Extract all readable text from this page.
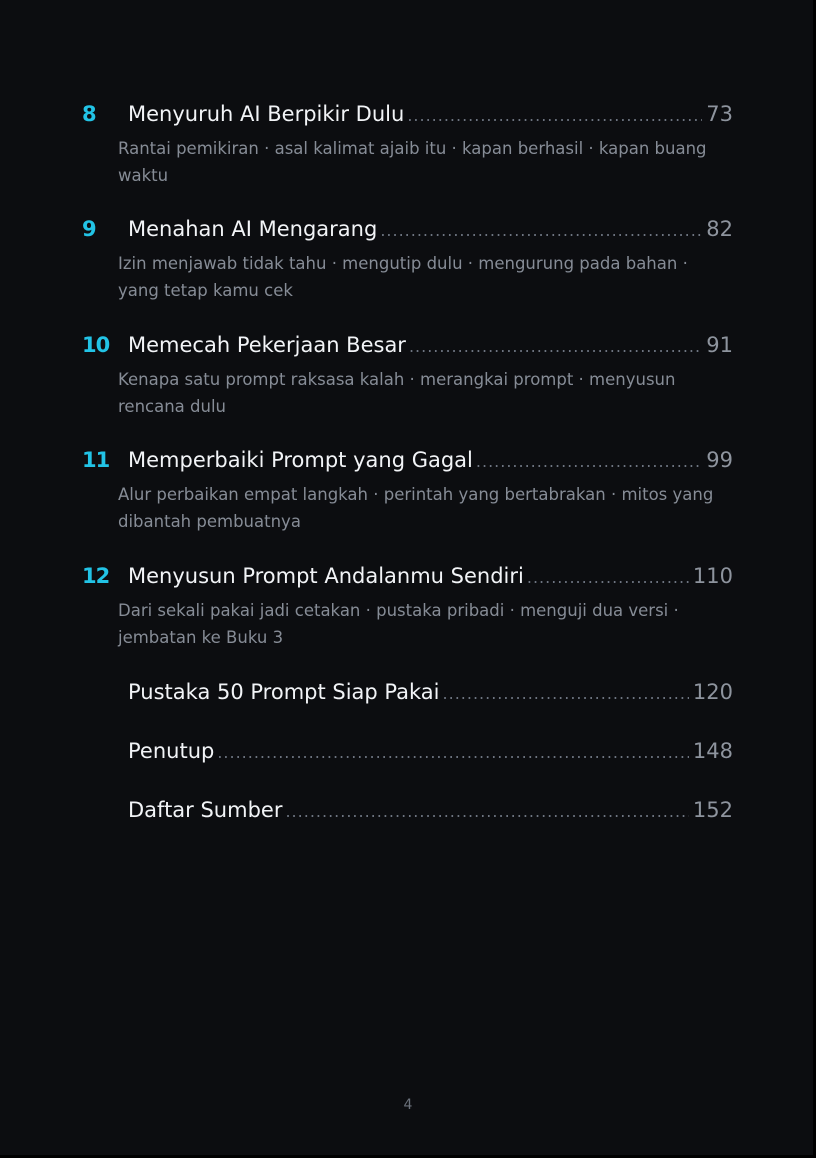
8 Menyuruh AI Berpikir Dulu .....	73

Rantai pemikiran · asal kalimat ajaib itu · kapan berhasil · kapan buang waktu

9 Menahan AI Mengarang .....	82

Izin menjawab tidak tahu · mengutip dulu · mengurung pada bahan · yang tetap kamu cek

10 Memecah Pekerjaan Besar .....	91

Kenapa satu prompt raksasa kalah · merangkai prompt · menyusun rencana dulu

11 Memperbaiki Prompt yang Gagal .....	99

Alur perbaikan empat langkah · perintah yang bertabrakan · mitos yang dibantah pembuatnya

12 Menyusun Prompt Andalanmu Sendiri .....	110

Dari sekali pakai jadi cetakan · pustaka pribadi · menguji dua versi · jembatan ke Buku 3

Pustaka 50 Prompt Siap Pakai .....	120
Penutup .....	148
Daftar Sumber .....	152
4
